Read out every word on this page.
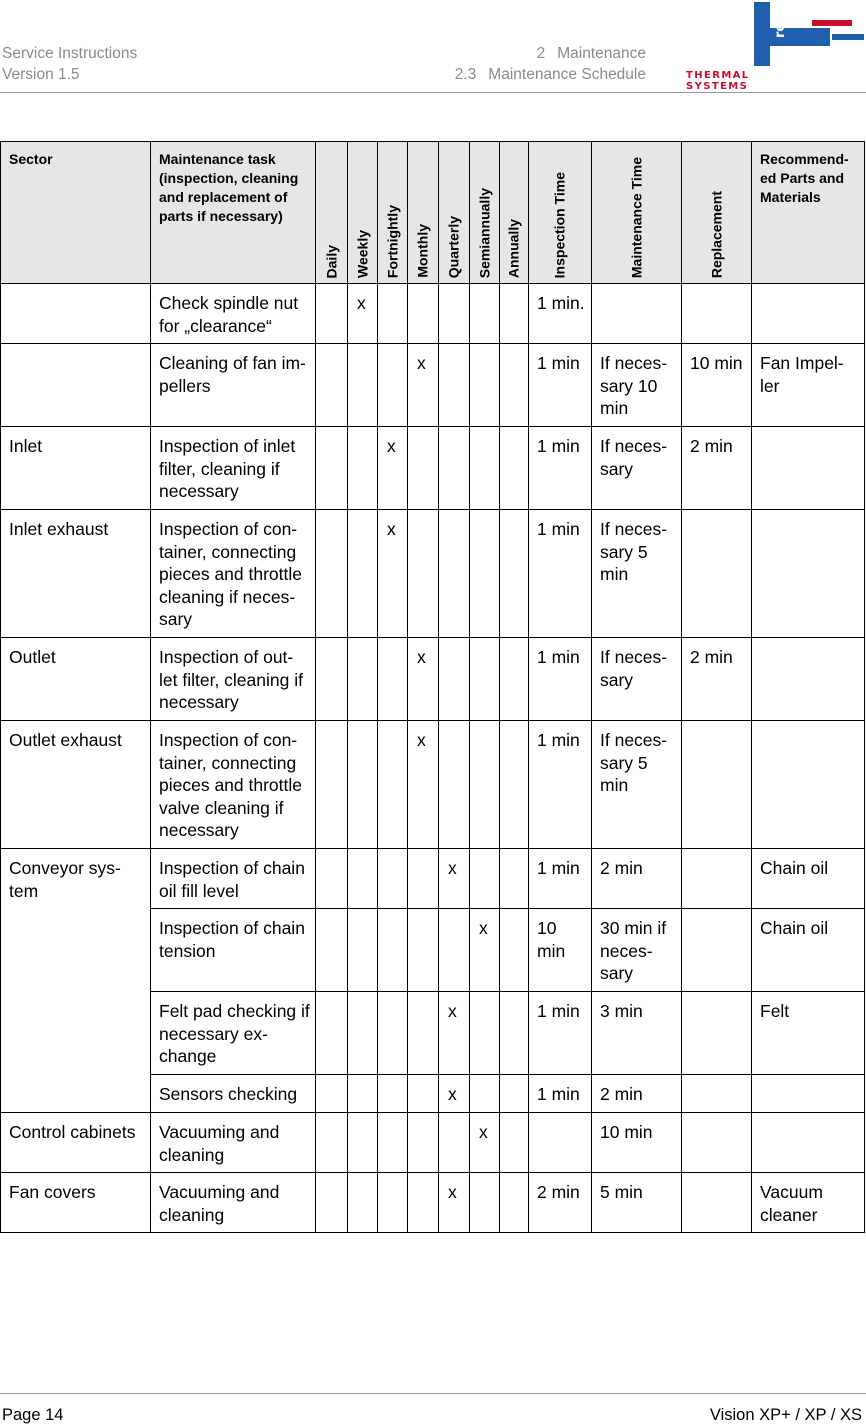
Service Instructions
Version 1.5
2 Maintenance
2.3 Maintenance Schedule
rehm
THERMAL SYSTEMS
Sector	Maintenance task (inspection, cleaning and replacement of parts if necessary)	Daily	Weekly	Fortnightly	Monthly	Quarterly	Semiannually	Annually	Inspection Time	Maintenance Time	Replacement	Recommend-ed Parts and Materials
	Check spindle nut for „clearance“		x						1 min.			
	Cleaning of fan im-pellers				x				1 min	If neces-sary 10 min	10 min	Fan Impel-ler
Inlet	Inspection of inlet filter, cleaning if necessary			x					1 min	If neces-sary	2 min	
Inlet exhaust	Inspection of con-tainer, connecting pieces and throttle cleaning if neces-sary			x					1 min	If neces-sary 5 min		
Outlet	Inspection of out-let filter, cleaning if necessary				x				1 min	If neces-sary	2 min	
Outlet exhaust	Inspection of con-tainer, connecting pieces and throttle valve cleaning if necessary				x				1 min	If neces-sary 5 min		
Conveyor sys-tem	Inspection of chain oil fill level					x			1 min	2 min		Chain oil
	Inspection of chain tension						x		10 min	30 min if neces-sary		Chain oil
	Felt pad checking if necessary ex-change					x			1 min	3 min		Felt
	Sensors checking					x			1 min	2 min		
Control cabinets	Vacuuming and cleaning						x			10 min		
Fan covers	Vacuuming and cleaning					x			2 min	5 min		Vacuum cleaner
Page 14	Vision XP+ / XP / XS
